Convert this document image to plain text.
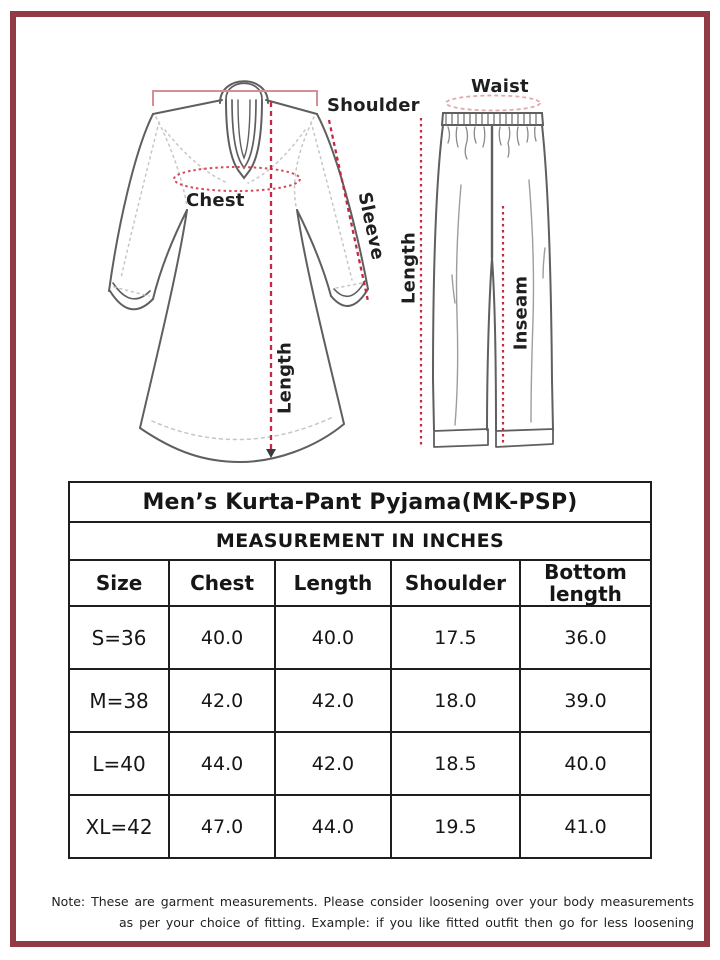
Shoulder
Chest	Sleeve
Length
Waist
Length
Inseam
Men’s Kurta-Pant Pyjama(MK-PSP)				
MEASUREMENT IN INCHES				
Size	Chest	Length	Shoulder	Bottom length
S=36	40.0	40.0	17.5	36.0
M=38	42.0	42.0	18.0	39.0
L=40	44.0	42.0	18.5	40.0
XL=42	47.0	44.0	19.5	41.0
Note: These are garment measurements. Please consider loosening over your body measurements
as per your choice of fitting. Example: if you like fitted outfit then go for less loosening
